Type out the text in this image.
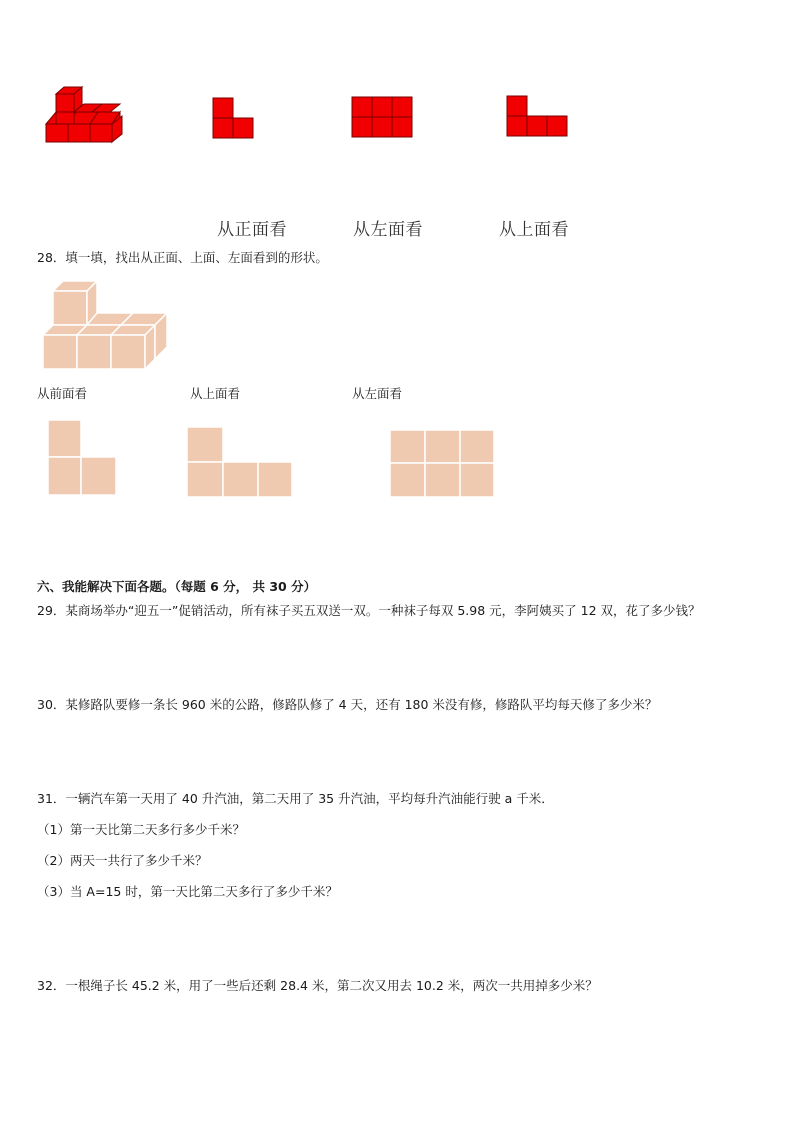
从正面看	从左面看	从上面看
28．填一填，找出从正面、上面、左面看到的形状。
从前面看	从上面看	从左面看
六、我能解决下面各题。（每题 6 分， 共 30 分）
29．某商场举办“迎五一”促销活动，所有袜子买五双送一双。一种袜子每双 5.98 元，李阿姨买了 12 双，花了多少钱？
30．某修路队要修一条长 960 米的公路，修路队修了 4 天，还有 180 米没有修，修路队平均每天修了多少米？
31．一辆汽车第一天用了 40 升汽油，第二天用了 35 升汽油，平均每升汽油能行驶 a 千米．
（1）第一天比第二天多行多少千米？
（2）两天一共行了多少千米？
（3）当 A=15 时，第一天比第二天多行了多少千米？
32．一根绳子长 45.2 米，用了一些后还剩 28.4 米，第二次又用去 10.2 米，两次一共用掉多少米？
